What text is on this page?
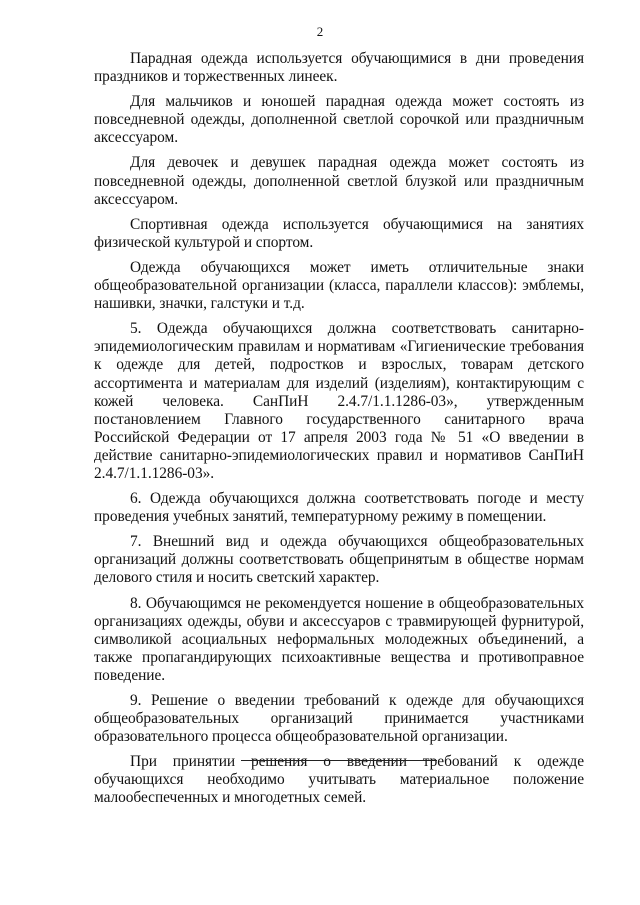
2

Парадная одежда используется обучающимися в дни проведения праздников и торжественных линеек.

Для мальчиков и юношей парадная одежда может состоять из повседневной одежды, дополненной светлой сорочкой или праздничным аксессуаром.

Для девочек и девушек парадная одежда может состоять из повседневной одежды, дополненной светлой блузкой или праздничным аксессуаром.

Спортивная одежда используется обучающимися на занятиях физической культурой и спортом.

Одежда обучающихся может иметь отличительные знаки общеобразовательной организации (класса, параллели классов): эмблемы, нашивки, значки, галстуки и т.д.

5. Одежда обучающихся должна соответствовать санитарно-эпидемиологическим правилам и нормативам «Гигиенические требования к одежде для детей, подростков и взрослых, товарам детского ассортимента и материалам для изделий (изделиям), контактирующим с кожей человека. СанПиН 2.4.7/1.1.1286-03», утвержденным постановлением Главного государственного санитарного врача Российской Федерации от 17 апреля 2003 года № 51 «О введении в действие санитарно-эпидемиологических правил и нормативов СанПиН 2.4.7/1.1.1286-03».

6. Одежда обучающихся должна соответствовать погоде и месту проведения учебных занятий, температурному режиму в помещении.

7. Внешний вид и одежда обучающихся общеобразовательных организаций должны соответствовать общепринятым в обществе нормам делового стиля и носить светский характер.

8. Обучающимся не рекомендуется ношение в общеобразовательных организациях одежды, обуви и аксессуаров с травмирующей фурнитурой, символикой асоциальных неформальных молодежных объединений, а также пропагандирующих психоактивные вещества и противоправное поведение.

9. Решение о введении требований к одежде для обучающихся общеобразовательных организаций принимается участниками образовательного процесса общеобразовательной организации.

При принятии решения о введении требований к одежде обучающихся необходимо учитывать материальное положение малообеспеченных и многодетных семей.
